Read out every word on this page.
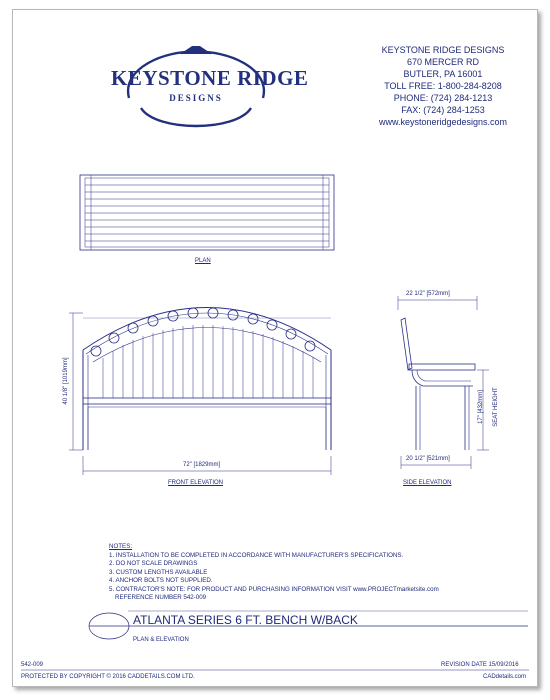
KEYSTONE RIDGE
DESIGNS
KEYSTONE RIDGE DESIGNS
670 MERCER RD
BUTLER, PA 16001
TOLL FREE: 1-800-284-8208
PHONE: (724) 284-1213
FAX: (724) 284-1253
www.keystoneridgedesigns.com
PLAN
FRONT ELEVATION	SIDE ELEVATION
40 1/8" [1019mm]
72" [1829mm]
22 1/2" [572mm]
20 1/2" [521mm]
17" [432mm] SEAT HEIGHT
NOTES:
1. INSTALLATION TO BE COMPLETED IN ACCORDANCE WITH MANUFACTURER'S SPECIFICATIONS.
2. DO NOT SCALE DRAWINGS
3. CUSTOM LENGTHS AVAILABLE
4. ANCHOR BOLTS NOT SUPPLIED.
5. CONTRACTOR'S NOTE: FOR PRODUCT AND PURCHASING INFORMATION VISIT www.PROJECTmarketsite.com
REFERENCE NUMBER 542-009
ATLANTA SERIES 6 FT. BENCH W/BACK
PLAN & ELEVATION
542-009	REVISION DATE 15/09/2016
PROTECTED BY COPYRIGHT © 2016 CADDETAILS.COM LTD.	CADdetails.com
